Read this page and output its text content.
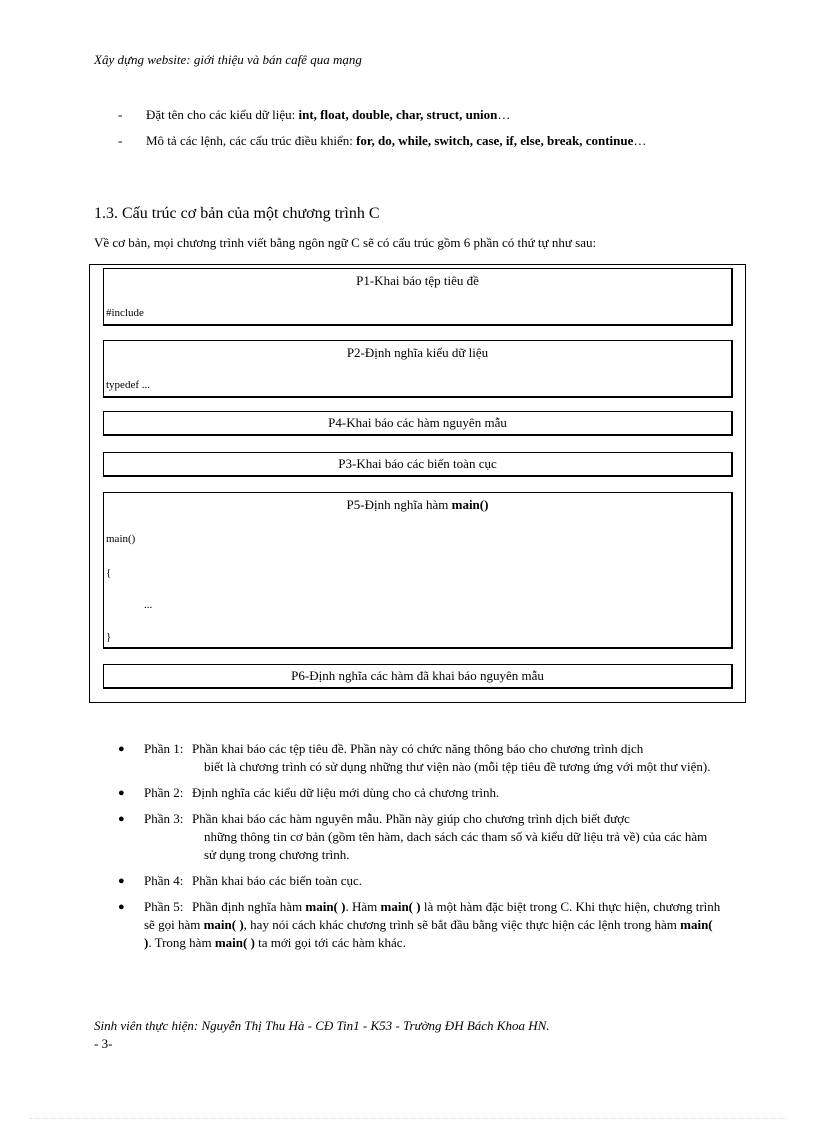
Xây dựng website: giới thiệu và bán cafê qua mạng
-	Đặt tên cho các kiểu dữ liệu: int, float, double, char, struct, union…
-	Mô tả các lệnh, các cấu trúc điều khiển: for, do, while, switch, case, if, else, break, continue…
1.3. Cấu trúc cơ bản của một chương trình C
Về cơ bản, mọi chương trình viết bằng ngôn ngữ C sẽ có cấu trúc gồm 6 phần có thứ tự như sau:
P1-Khai báo tệp tiêu đề
#include
P2-Định nghĩa kiểu dữ liệu
typedef ...
P4-Khai báo các hàm nguyên mẫu
P3-Khai báo các biến toàn cục
P5-Định nghĩa hàm main()
main()
{
...
}
P6-Định nghĩa các hàm đã khai báo nguyên mẫu
●	Phần 1: Phần khai báo các tệp tiêu đề. Phần này có chức năng thông báo cho chương trình dịch
biết là chương trình có sử dụng những thư viện nào (mỗi tệp tiêu đề tương ứng với một thư viện).
●	Phần 2: Định nghĩa các kiểu dữ liệu mới dùng cho cả chương trình.
●	Phần 3: Phần khai báo các hàm nguyên mẫu. Phần này giúp cho chương trình dịch biết được
những thông tin cơ bản (gồm tên hàm, dach sách các tham số và kiểu dữ liệu trả về) của các hàm sử dụng trong chương trình.
●	Phần 4: Phần khai báo các biến toàn cục.
●	Phần 5: Phần định nghĩa hàm main( ). Hàm main( ) là một hàm đặc biệt trong C. Khi thực hiện, chương trình sẽ gọi hàm main( ), hay nói cách khác chương trình sẽ bắt đầu bằng việc thực hiện các lệnh trong hàm main( ). Trong hàm main( ) ta mới gọi tới các hàm khác.
Sinh viên thực hiện: Nguyễn Thị Thu Hà - CĐ Tin1 - K53 - Trường ĐH Bách Khoa HN.
- 3-
